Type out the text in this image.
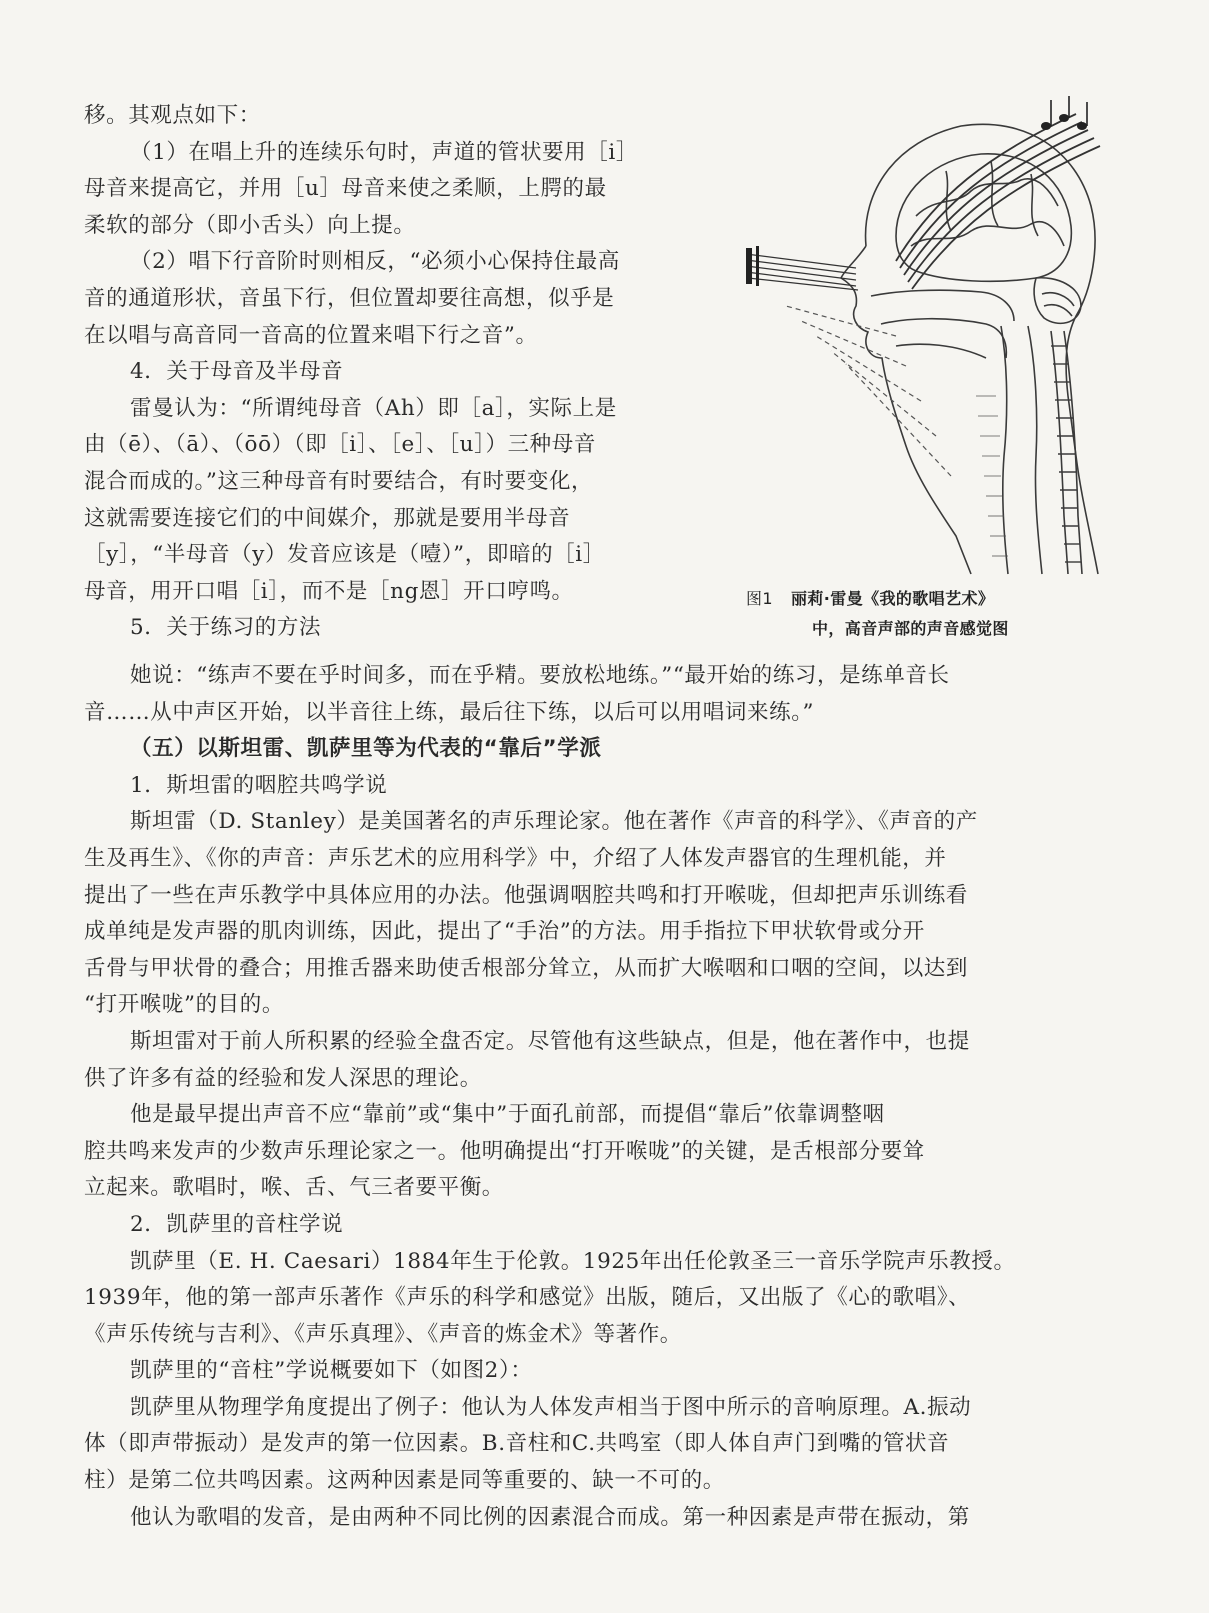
移。其观点如下：

（1）在唱上升的连续乐句时，声道的管状要用［i］

母音来提高它，并用［u］母音来使之柔顺，上腭的最

柔软的部分（即小舌头）向上提。

（2）唱下行音阶时则相反，“必须小心保持住最高

音的通道形状，音虽下行，但位置却要往高想，似乎是

在以唱与高音同一音高的位置来唱下行之音”。

4．关于母音及半母音

雷曼认为：“所谓纯母音（Ah）即［a］，实际上是

由（ē）、（ā）、（ōō）（即［i］、［e］、［u］）三种母音

混合而成的。”这三种母音有时要结合，有时要变化，

这就需要连接它们的中间媒介，那就是要用半母音

［y］，“半母音（y）发音应该是（噎）”，即暗的［i］

母音，用开口唱［i］，而不是［ng恩］开口哼鸣。

5．关于练习的方法

图1 丽莉·雷曼《我的歌唱艺术》
中，高音声部的声音感觉图

她说：“练声不要在乎时间多，而在乎精。要放松地练。”“最开始的练习，是练单音长

音……从中声区开始，以半音往上练，最后往下练，以后可以用唱词来练。”

（五）以斯坦雷、凯萨里等为代表的“靠后”学派

1．斯坦雷的咽腔共鸣学说

斯坦雷（D. Stanley）是美国著名的声乐理论家。他在著作《声音的科学》、《声音的产

生及再生》、《你的声音：声乐艺术的应用科学》中，介绍了人体发声器官的生理机能，并

提出了一些在声乐教学中具体应用的办法。他强调咽腔共鸣和打开喉咙，但却把声乐训练看

成单纯是发声器的肌肉训练，因此，提出了“手治”的方法。用手指拉下甲状软骨或分开

舌骨与甲状骨的叠合；用推舌器来助使舌根部分耸立，从而扩大喉咽和口咽的空间，以达到

“打开喉咙”的目的。

斯坦雷对于前人所积累的经验全盘否定。尽管他有这些缺点，但是，他在著作中，也提

供了许多有益的经验和发人深思的理论。

他是最早提出声音不应“靠前”或“集中”于面孔前部，而提倡“靠后”依靠调整咽

腔共鸣来发声的少数声乐理论家之一。他明确提出“打开喉咙”的关键，是舌根部分要耸

立起来。歌唱时，喉、舌、气三者要平衡。

2．凯萨里的音柱学说

凯萨里（E. H. Caesari）1884年生于伦敦。1925年出任伦敦圣三一音乐学院声乐教授。

1939年，他的第一部声乐著作《声乐的科学和感觉》出版，随后，又出版了《心的歌唱》、

《声乐传统与吉利》、《声乐真理》、《声音的炼金术》等著作。

凯萨里的“音柱”学说概要如下（如图2）：

凯萨里从物理学角度提出了例子：他认为人体发声相当于图中所示的音响原理。A.振动

体（即声带振动）是发声的第一位因素。B.音柱和C.共鸣室（即人体自声门到嘴的管状音

柱）是第二位共鸣因素。这两种因素是同等重要的、缺一不可的。

他认为歌唱的发音，是由两种不同比例的因素混合而成。第一种因素是声带在振动，第
